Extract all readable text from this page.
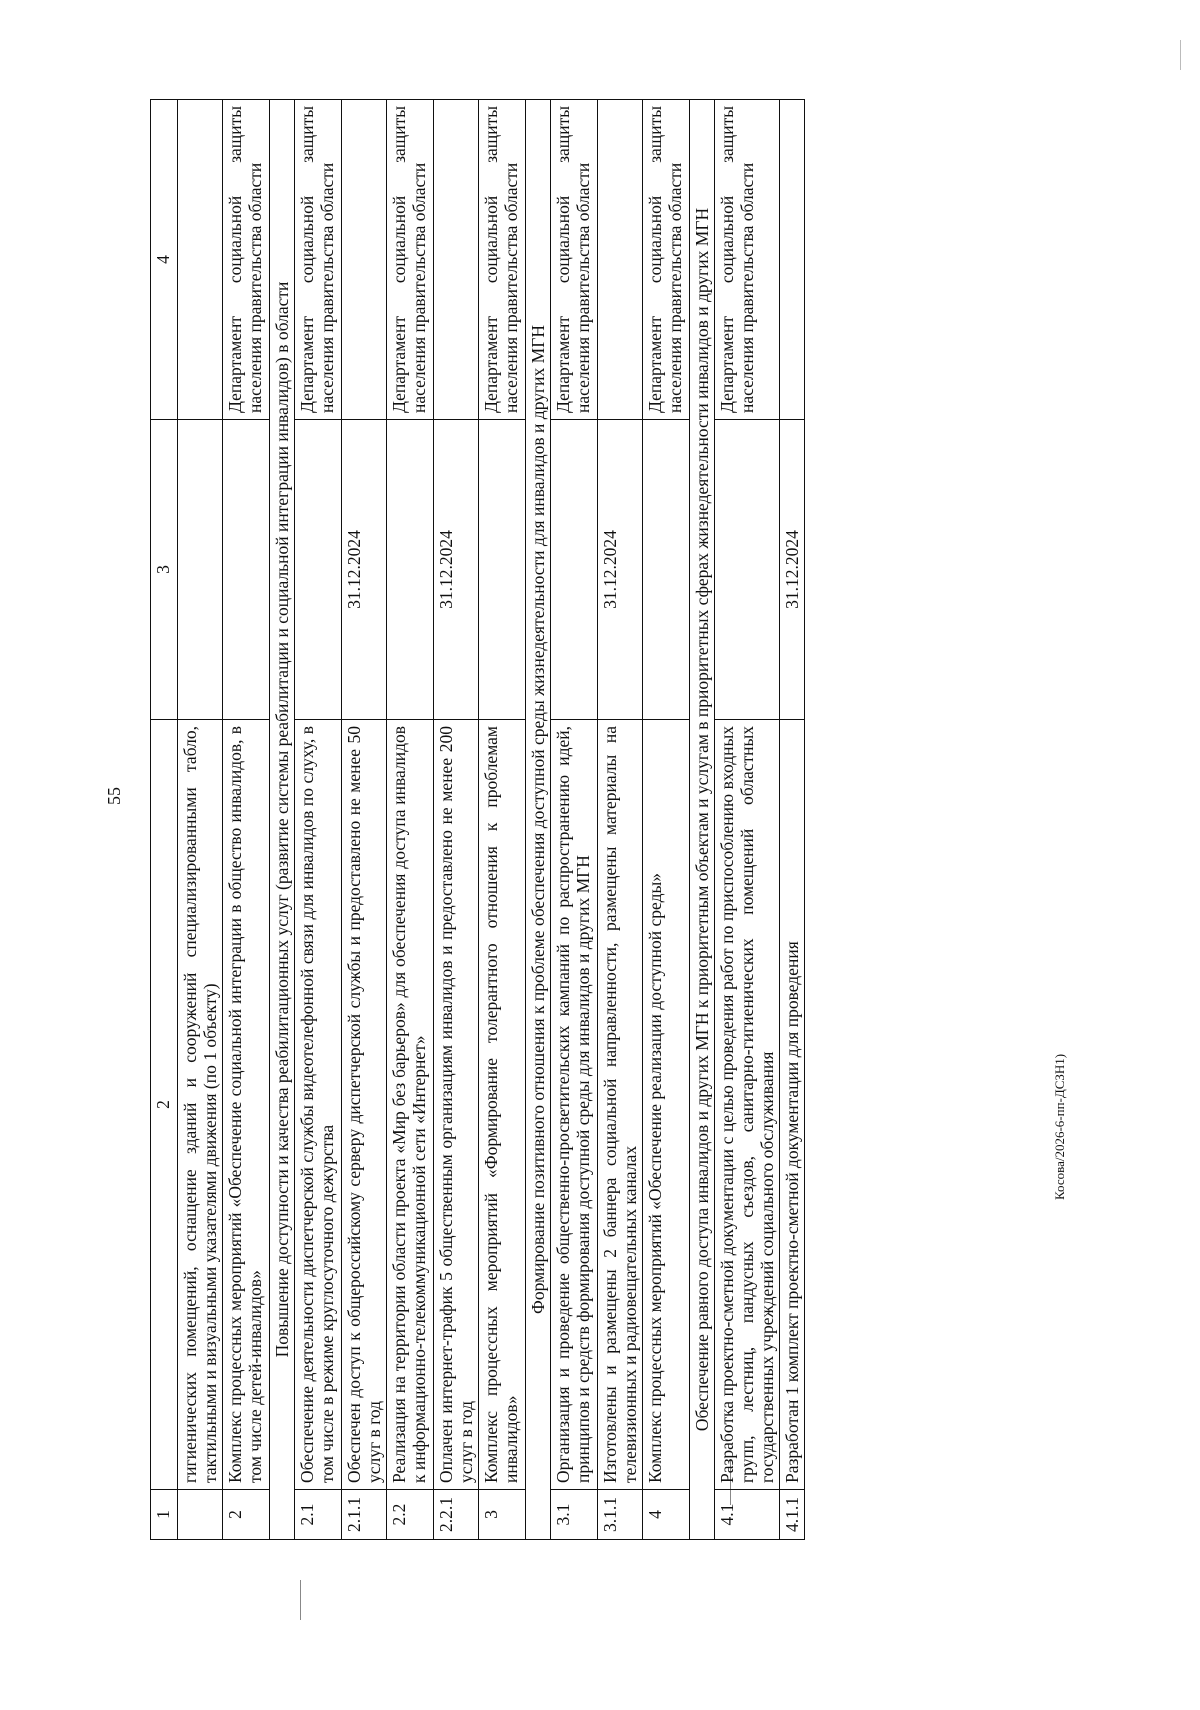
55
Косова/2026-6-пп-ДСЗН1)
1	2	3	4
	гигиенических помещений, оснащение зданий и сооружений специализированными табло, тактильными и визуальными указателями движения (по 1 объекту)		
2	Комплекс процессных мероприятий «Обеспечение социальной интеграции в общество инвалидов, в том числе детей-инвалидов»		Департамент социальной защиты населения правительства области
Повышение доступности и качества реабилитационных услуг (развитие системы реабилитации и социальной интеграции инвалидов) в области			
2.1	Обеспечение деятельности диспетчерской службы видеотелефонной связи для инвалидов по слуху, в том числе в режиме круглосуточного дежурства		Департамент социальной защиты населения правительства области
2.1.1	Обеспечен доступ к общероссийскому серверу диспетчерской службы и предоставлено не менее 50 услуг в год	31.12.2024	
2.2	Реализация на территории области проекта «Мир без барьеров» для обеспечения доступа инвалидов к информационно-телекоммуникационной сети «Интернет»		Департамент социальной защиты населения правительства области
2.2.1	Оплачен интернет-трафик 5 общественным организациям инвалидов и предоставлено не менее 200 услуг в год	31.12.2024	
3	Комплекс процессных мероприятий «Формирование толерантного отношения к проблемам инвалидов»		Департамент социальной защиты населения правительства области
Формирование позитивного отношения к проблеме обеспечения доступной среды жизнедеятельности для инвалидов и других МГН			
3.1	Организация и проведение общественно-просветительских кампаний по распространению идей, принципов и средств формирования доступной среды для инвалидов и других МГН		Департамент социальной защиты населения правительства области
3.1.1	Изготовлены и размещены 2 баннера социальной направленности, размещены материалы на телевизионных и радиовещательных каналах	31.12.2024	
4	Комплекс процессных мероприятий «Обеспечение реализации доступной среды»		Департамент социальной защиты населения правительства области
Обеспечение равного доступа инвалидов и других МГН к приоритетным объектам и услугам в приоритетных сферах жизнедеятельности инвалидов и других МГН			
4.1	Разработка проектно-сметной документации с целью проведения работ по приспособлению входных групп, лестниц, пандусных съездов, санитарно-гигиенических помещений областных государственных учреждений социального обслуживания		Департамент социальной защиты населения правительства области
4.1.1	Разработан 1 комплект проектно-сметной документации для проведения	31.12.2024	
